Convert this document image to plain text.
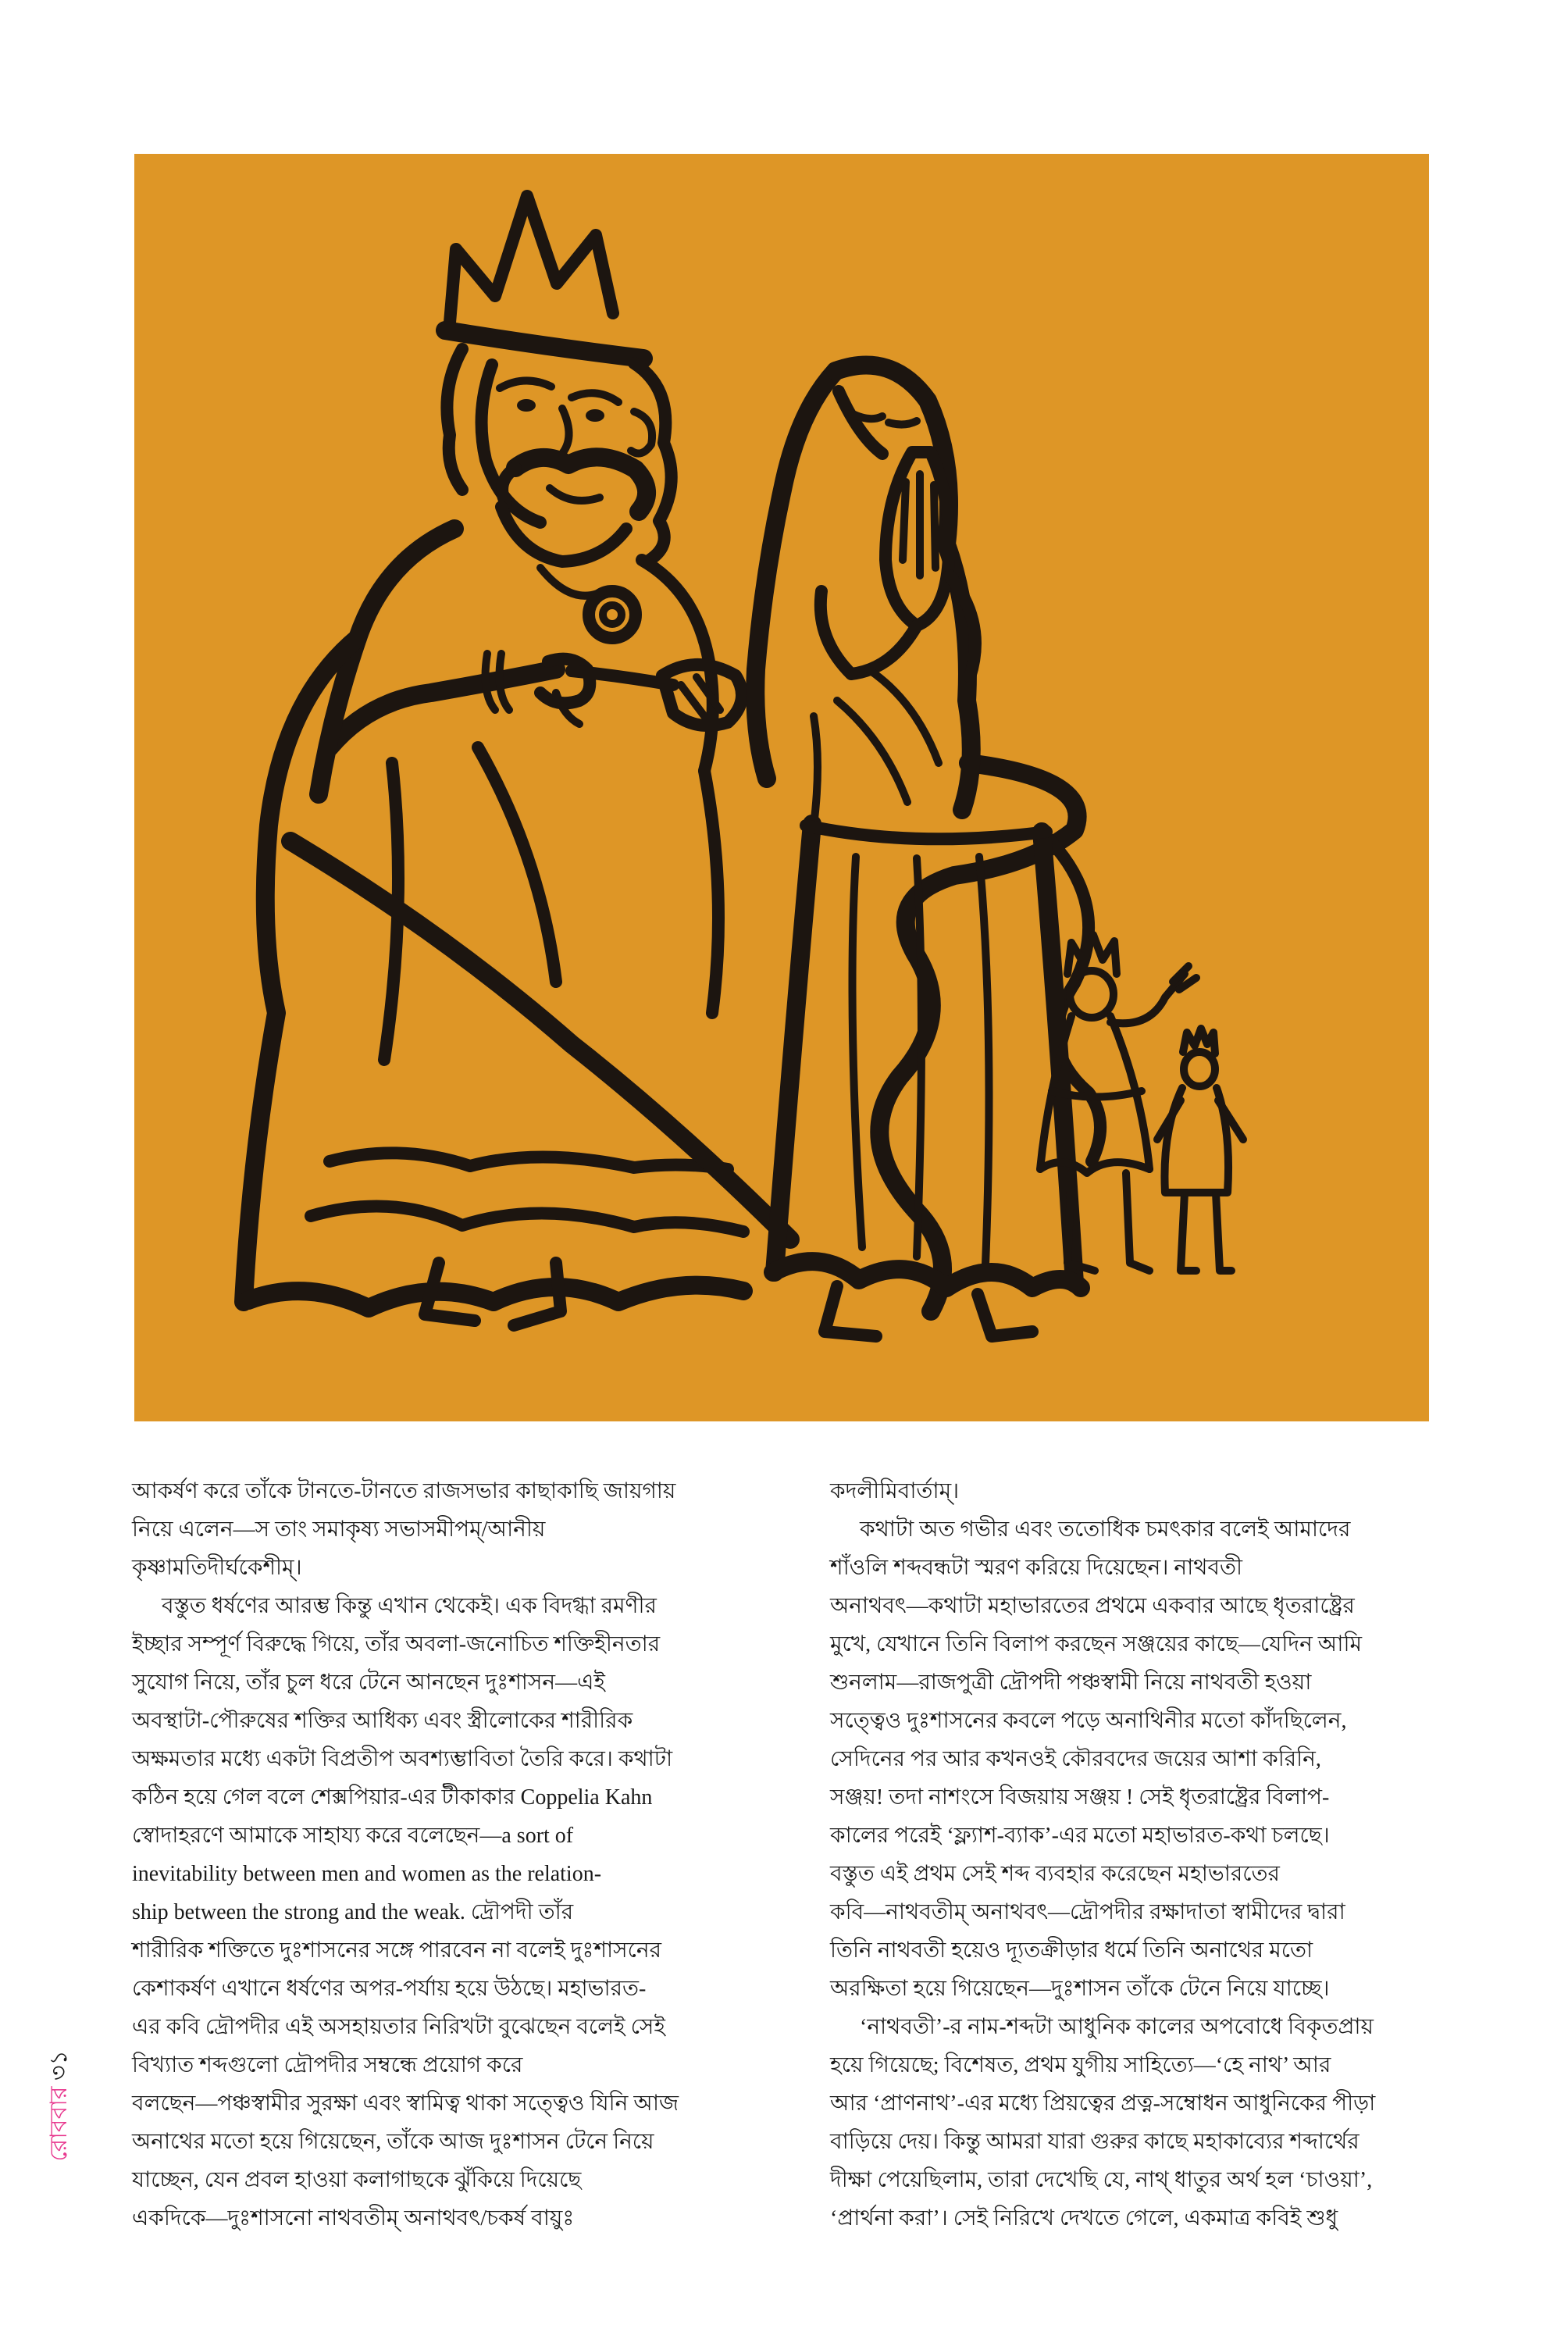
আকর্ষণ করে তাঁকে টানতে-টানতে রাজসভার কাছাকাছি জায়গায়
নিয়ে এলেন—স তাং সমাকৃষ্য সভাসমীপম্/আনীয়
কৃষ্ণামতিদীর্ঘকেশীম্।
বস্তুত ধর্ষণের আরম্ভ কিন্তু এখান থেকেই। এক বিদগ্ধা রমণীর
ইচ্ছার সম্পূর্ণ বিরুদ্ধে গিয়ে, তাঁর অবলা-জনোচিত শক্তিহীনতার
সুযোগ নিয়ে, তাঁর চুল ধরে টেনে আনছেন দুঃশাসন—এই
অবস্থাটা-পৌরুষের শক্তির আধিক্য এবং স্ত্রীলোকের শারীরিক
অক্ষমতার মধ্যে একটা বিপ্রতীপ অবশ্যম্ভাবিতা তৈরি করে। কথাটা
কঠিন হয়ে গেল বলে শেক্সপিয়ার-এর টীকাকার Coppelia Kahn
স্বোদাহরণে আমাকে সাহায্য করে বলেছেন—a sort of
inevitability between men and women as the relation-
ship between the strong and the weak. দ্রৌপদী তাঁর
শারীরিক শক্তিতে দুঃশাসনের সঙ্গে পারবেন না বলেই দুঃশাসনের
কেশাকর্ষণ এখানে ধর্ষণের অপর-পর্যায় হয়ে উঠছে। মহাভারত-
এর কবি দ্রৌপদীর এই অসহায়তার নিরিখটা বুঝেছেন বলেই সেই
বিখ্যাত শব্দগুলো দ্রৌপদীর সম্বন্ধে প্রয়োগ করে
বলছেন—পঞ্চস্বামীর সুরক্ষা এবং স্বামিত্ব থাকা সত্ত্বেও যিনি আজ
অনাথের মতো হয়ে গিয়েছেন, তাঁকে আজ দুঃশাসন টেনে নিয়ে
যাচ্ছেন, যেন প্রবল হাওয়া কলাগাছকে ঝুঁকিয়ে দিয়েছে
একদিকে—দুঃশাসনো নাথবতীম্ অনাথবৎ/চকর্ষ বায়ুঃ
কদলীমিবার্তাম্।
কথাটা অত গভীর এবং ততোধিক চমৎকার বলেই আমাদের
শাঁওলি শব্দবন্ধটা স্মরণ করিয়ে দিয়েছেন। নাথবতী
অনাথবৎ—কথাটা মহাভারতের প্রথমে একবার আছে ধৃতরাষ্ট্রের
মুখে, যেখানে তিনি বিলাপ করছেন সঞ্জয়ের কাছে—যেদিন আমি
শুনলাম—রাজপুত্রী দ্রৌপদী পঞ্চস্বামী নিয়ে নাথবতী হওয়া
সত্ত্বেও দুঃশাসনের কবলে পড়ে অনাথিনীর মতো কাঁদছিলেন,
সেদিনের পর আর কখনওই কৌরবদের জয়ের আশা করিনি,
সঞ্জয়! তদা নাশংসে বিজয়ায় সঞ্জয় ! সেই ধৃতরাষ্ট্রের বিলাপ-
কালের পরেই ‘ফ্ল্যাশ-ব্যাক’-এর মতো মহাভারত-কথা চলছে।
বস্তুত এই প্রথম সেই শব্দ ব্যবহার করেছেন মহাভারতের
কবি—নাথবতীম্ অনাথবৎ—দ্রৌপদীর রক্ষাদাতা স্বামীদের দ্বারা
তিনি নাথবতী হয়েও দ্যূতক্রীড়ার ধর্মে তিনি অনাথের মতো
অরক্ষিতা হয়ে গিয়েছেন—দুঃশাসন তাঁকে টেনে নিয়ে যাচ্ছে।
‘নাথবতী’-র নাম-শব্দটা আধুনিক কালের অপবোধে বিকৃতপ্রায়
হয়ে গিয়েছে; বিশেষত, প্রথম যুগীয় সাহিত্যে—‘হে নাথ’ আর
আর ‘প্রাণনাথ’-এর মধ্যে প্রিয়ত্বের প্রত্ন-সম্বোধন আধুনিকের পীড়া
বাড়িয়ে দেয়। কিন্তু আমরা যারা গুরুর কাছে মহাকাব্যের শব্দার্থের
দীক্ষা পেয়েছিলাম, তারা দেখেছি যে, নাথ্ ধাতুর অর্থ হল ‘চাওয়া’,
‘প্রার্থনা করা’। সেই নিরিখে দেখতে গেলে, একমাত্র কবিই শুধু
রোববার ৩১
